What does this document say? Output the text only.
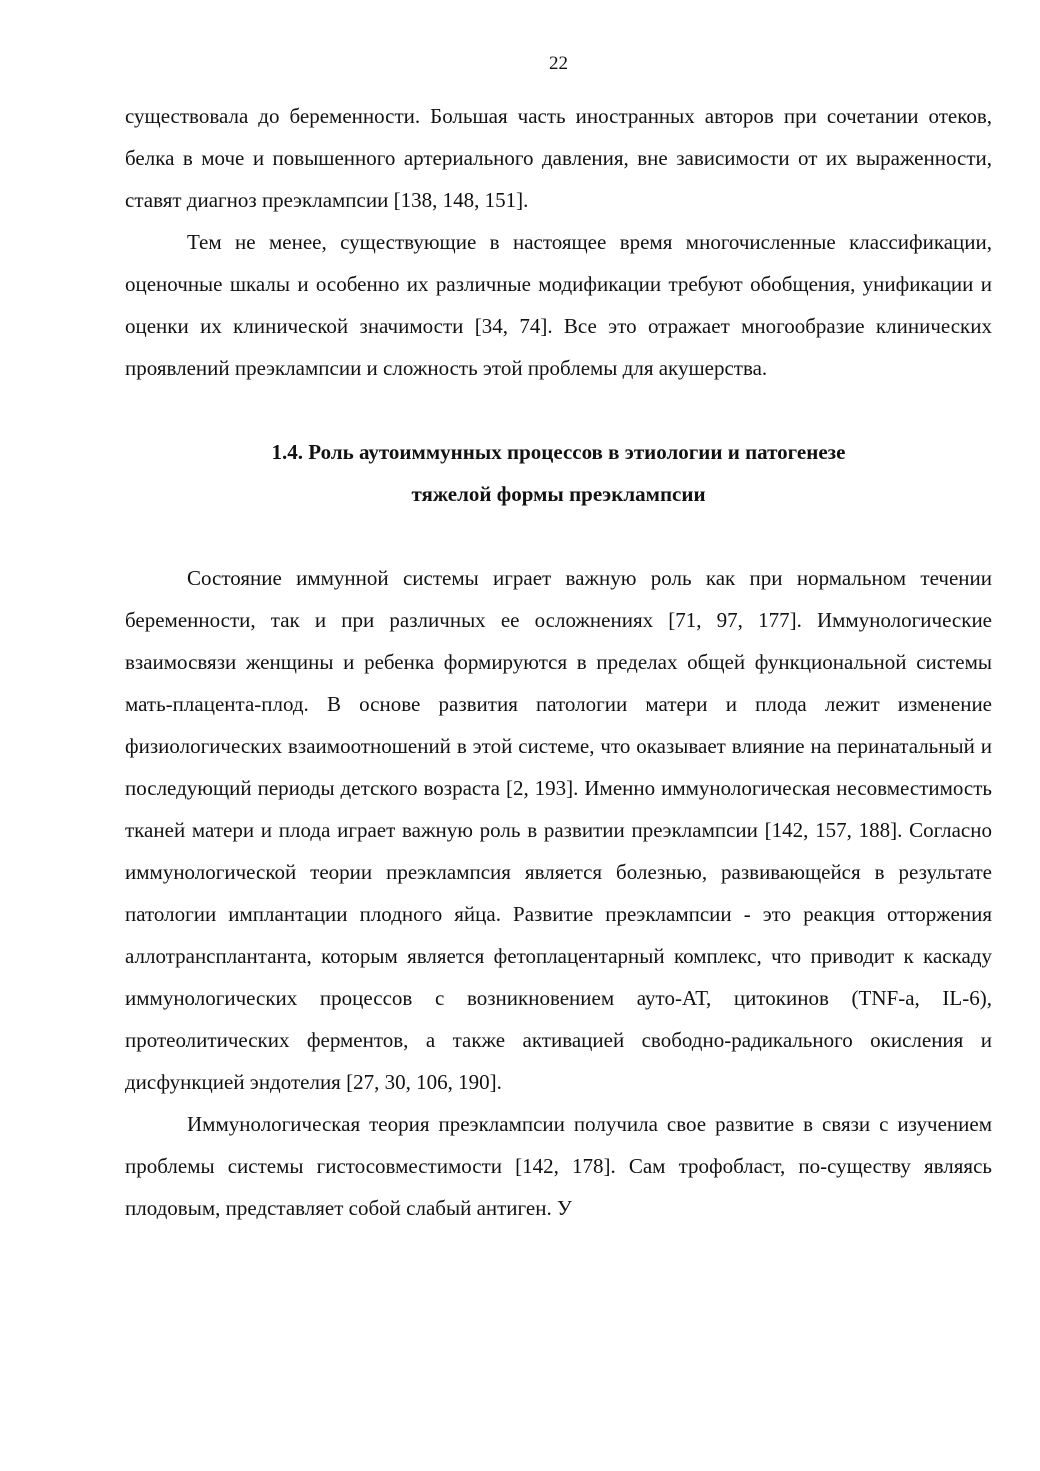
22

существовала до беременности. Большая часть иностранных авторов при сочетании отеков, белка в моче и повышенного артериального давления, вне зависимости от их выраженности, ставят диагноз преэклампсии [138, 148, 151].

Тем не менее, существующие в настоящее время многочисленные классификации, оценочные шкалы и особенно их различные модификации требуют обобщения, унификации и оценки их клинической значимости [34, 74]. Все это отражает многообразие клинических проявлений преэклампсии и сложность этой проблемы для акушерства.

1.4. Роль аутоиммунных процессов в этиологии и патогенезе
тяжелой формы преэклампсии

Состояние иммунной системы играет важную роль как при нормальном течении беременности, так и при различных ее осложнениях [71, 97, 177]. Иммунологические взаимосвязи женщины и ребенка формируются в пределах общей функциональной системы мать-плацента-плод. В основе развития патологии матери и плода лежит изменение физиологических взаимоотношений в этой системе, что оказывает влияние на перинатальный и последующий периоды детского возраста [2, 193]. Именно иммунологическая несовместимость тканей матери и плода играет важную роль в развитии преэклампсии [142, 157, 188]. Согласно иммунологической теории преэклампсия является болезнью, развивающейся в результате патологии имплантации плодного яйца. Развитие преэклампсии - это реакция отторжения аллотрансплантанта, которым является фетоплацентарный комплекс, что приводит к каскаду иммунологических процессов с возникновением ауто-АТ, цитокинов (TNF-a, IL-6), протеолитических ферментов, а также активацией свободно-радикального окисления и дисфункцией эндотелия [27, 30, 106, 190].

Иммунологическая теория преэклампсии получила свое развитие в связи с изучением проблемы системы гистосовместимости [142, 178]. Сам трофобласт, по-существу являясь плодовым, представляет собой слабый антиген. У
